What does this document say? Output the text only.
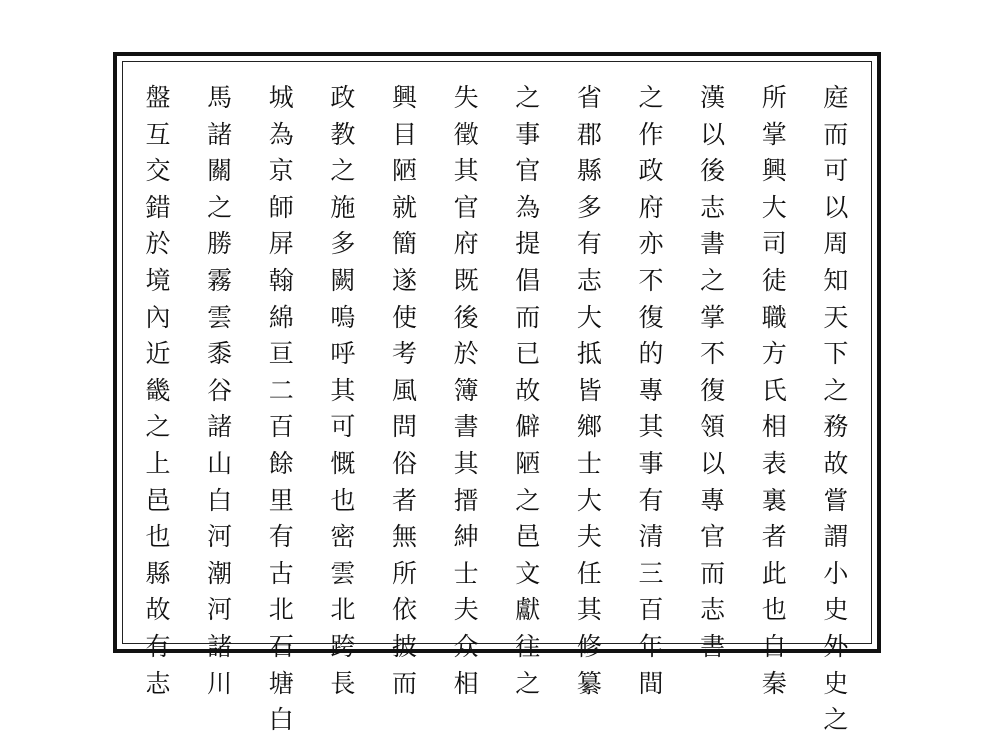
庭
而
可
以
周
知
天
下
之
務
故
嘗
謂
小
史
外
史
之
所
掌
興
大
司
徒
職
方
氏
相
表
裏
者
此
也
自
秦
漢
以
後
志
書
之
掌
不
復
領
以
專
官
而
志
書
之
作
政
府
亦
不
復
的
專
其
事
有
清
三
百
年
間
省
郡
縣
多
有
志
大
抵
皆
鄉
士
大
夫
任
其
修
纂
之
事
官
為
提
倡
而
已
故
僻
陋
之
邑
文
獻
往
之
失
徵
其
官
府
既
後
於
簿
書
其
搢
紳
士
夫
众
相
興
目
陋
就
簡
遂
使
考
風
問
俗
者
無
所
依
披
而
政
教
之
施
多
闕
嗚
呼
其
可
慨
也
密
雲
北
跨
長
城
為
京
師
屏
翰
綿
亘
二
百
餘
里
有
古
北
石
塘
白
馬
諸
關
之
勝
霧
雲
黍
谷
諸
山
白
河
潮
河
諸
川
盤
互
交
錯
於
境
內
近
畿
之
上
邑
也
縣
故
有
志
